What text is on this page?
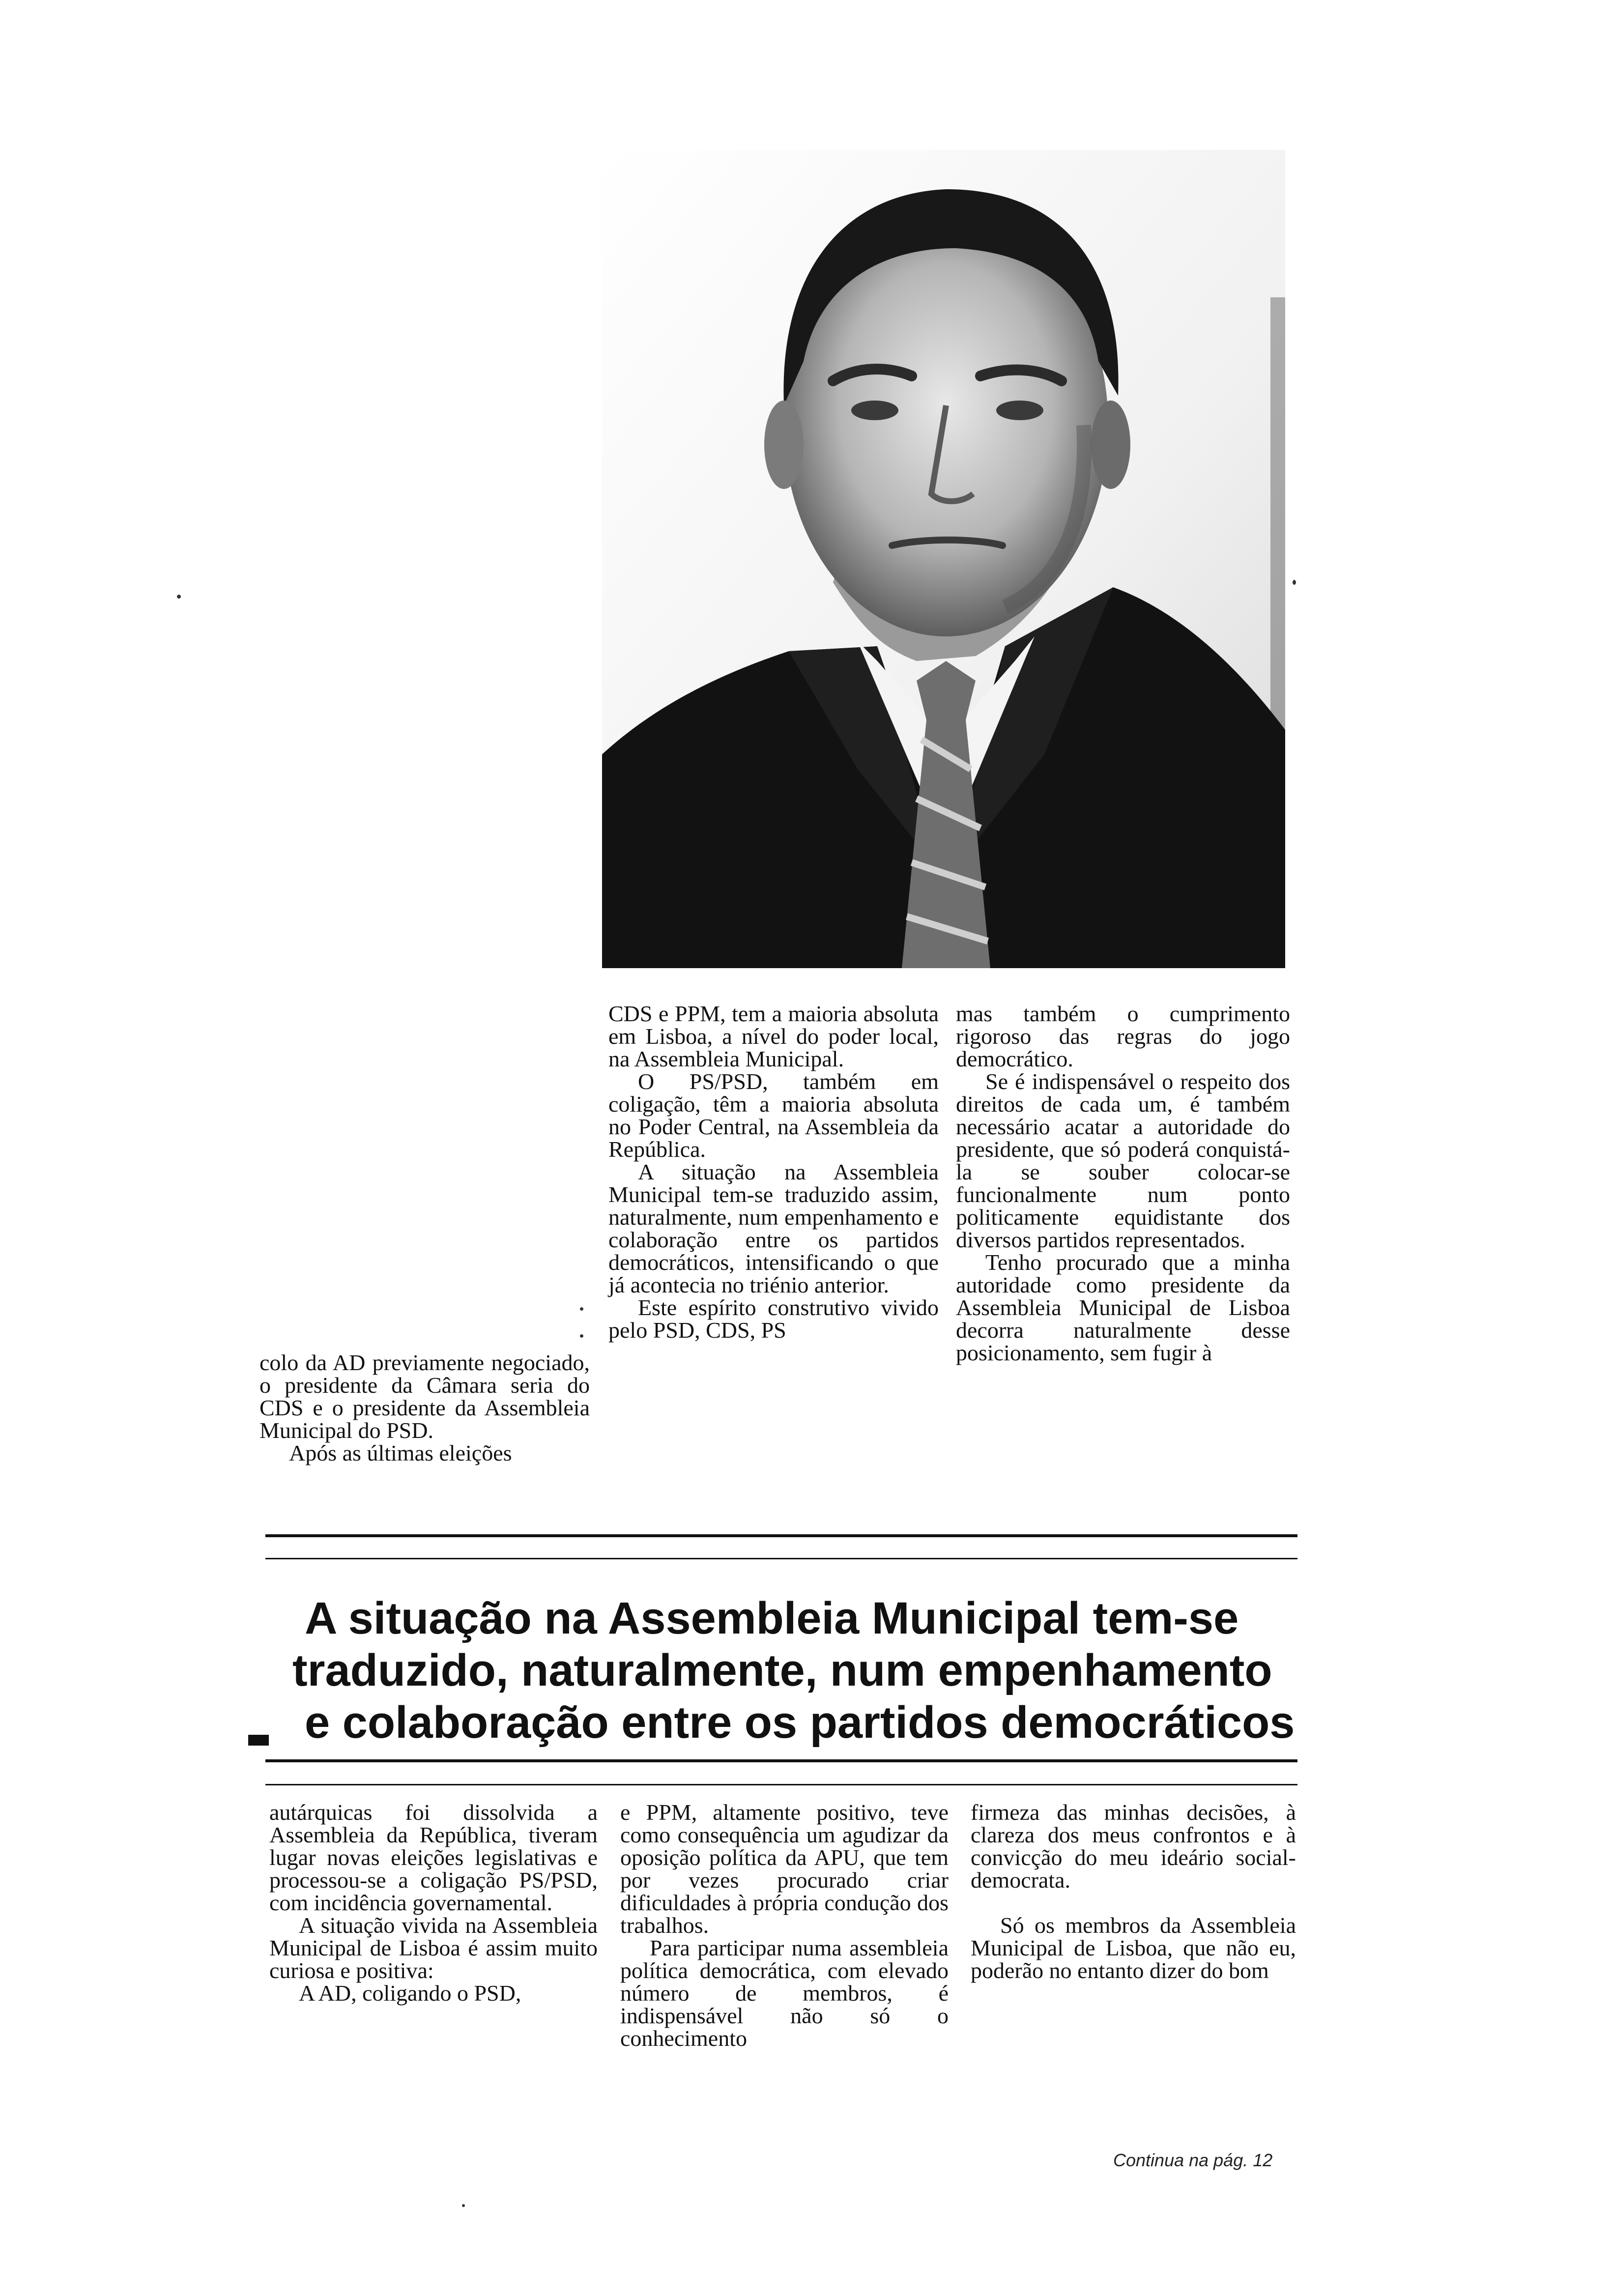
colo da AD previamente negociado, o presidente da Câmara seria do CDS e o presidente da Assembleia Municipal do PSD.

Após as últimas eleições

CDS e PPM, tem a maioria absoluta em Lisboa, a nível do poder local, na Assembleia Municipal.

O PS/PSD, também em coligação, têm a maioria absoluta no Poder Central, na Assembleia da República.

A situação na Assembleia Municipal tem-se traduzido assim, naturalmente, num empenhamento e colaboração entre os partidos democráticos, intensificando o que já acontecia no triénio anterior.

Este espírito construtivo vivido pelo PSD, CDS, PS

mas também o cumprimento rigoroso das regras do jogo democrático.

Se é indispensável o respeito dos direitos de cada um, é também necessário acatar a autoridade do presidente, que só poderá conquistá-la se souber colocar-se funcionalmente num ponto politicamente equidistante dos diversos partidos representados.

Tenho procurado que a minha autoridade como presidente da Assembleia Municipal de Lisboa decorra naturalmente desse posicionamento, sem fugir à

A situação na Assembleia Municipal tem-se
traduzido, naturalmente, num empenhamento
e colaboração entre os partidos democráticos

autárquicas foi dissolvida a Assembleia da República, tiveram lugar novas eleições legislativas e processou-se a coligação PS/PSD, com incidência governamental.

A situação vivida na Assembleia Municipal de Lisboa é assim muito curiosa e positiva:

A AD, coligando o PSD,

e PPM, altamente positivo, teve como consequência um agudizar da oposição política da APU, que tem por vezes procurado criar dificuldades à própria condução dos trabalhos.

Para participar numa assembleia política democrática, com elevado número de membros, é indispensável não só o conhecimento

firmeza das minhas decisões, à clareza dos meus confrontos e à convicção do meu ideário social-democrata.

Só os membros da Assembleia Municipal de Lisboa, que não eu, poderão no entanto dizer do bom

Continua na pág. 12
